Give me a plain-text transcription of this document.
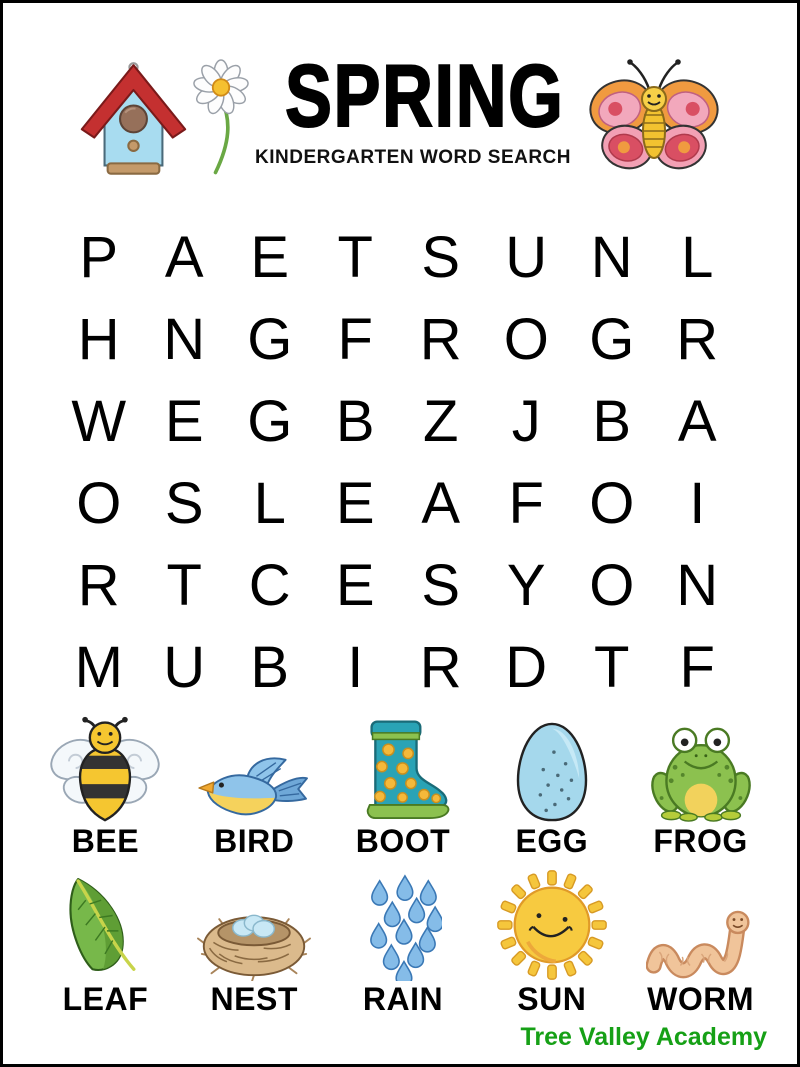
SPRING
KINDERGARTEN WORD SEARCH
P A E T S U N L
H N G F R O G R
W E G B Z J B A
O S L E A F O I
R T C E S Y O N
M U B	I R D T F
BEE BIRD BOOT EGG FROG
LEAF NEST RAIN SUN WORM
Tree Valley Academy
